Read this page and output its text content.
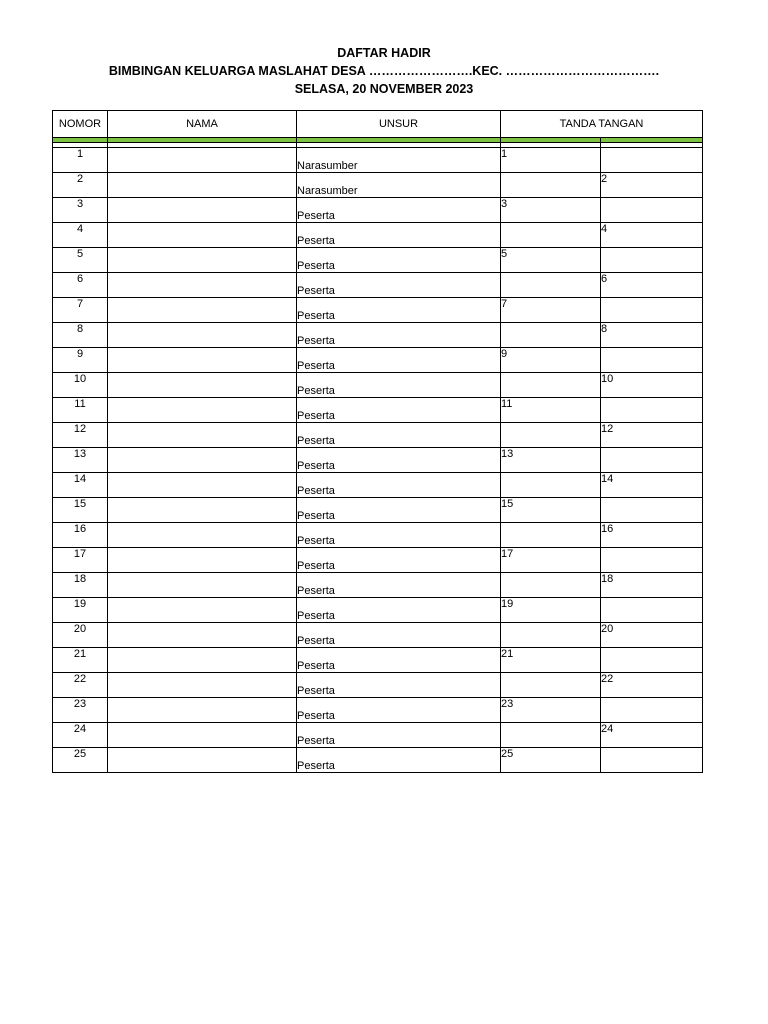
DAFTAR HADIR
BIMBINGAN KELUARGA MASLAHAT DESA …………………….KEC. ……………………………….
SELASA, 20 NOVEMBER 2023
NOMOR	NAMA	UNSUR	TANDA TANGAN	

1		Narasumber	1	
2		Narasumber		2
3		Peserta	3	
4		Peserta		4
5		Peserta	5	
6		Peserta		6
7		Peserta	7	
8		Peserta		8
9		Peserta	9	
10		Peserta		10
11		Peserta	11	
12		Peserta		12
13		Peserta	13	
14		Peserta		14
15		Peserta	15	
16		Peserta		16
17		Peserta	17	
18		Peserta		18
19		Peserta	19	
20		Peserta		20
21		Peserta	21	
22		Peserta		22
23		Peserta	23	
24		Peserta		24
25		Peserta	25	
